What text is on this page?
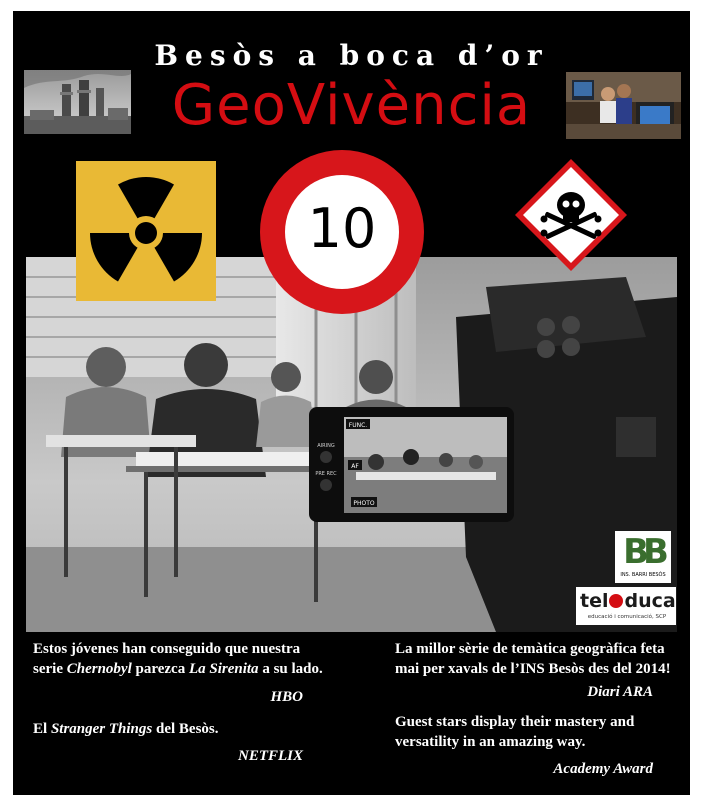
Besòs a boca d’or
GeoVivència
FUNC.
AF
PHOTO
AIRING
PRE REC
10
BB
INS. BARRI BESÒS
tel duca
educació i comunicació, SCP
Estos jóvenes han conseguido que nuestra serie Chernobyl parezca La Sirenita a su lado.
HBO
El Stranger Things del Besòs.
NETFLIX
La millor sèrie de temàtica geogràfica feta mai per xavals de l’INS Besòs des del 2014!
Diari ARA
Guest stars display their mastery and versatility in an amazing way.
Academy Award
